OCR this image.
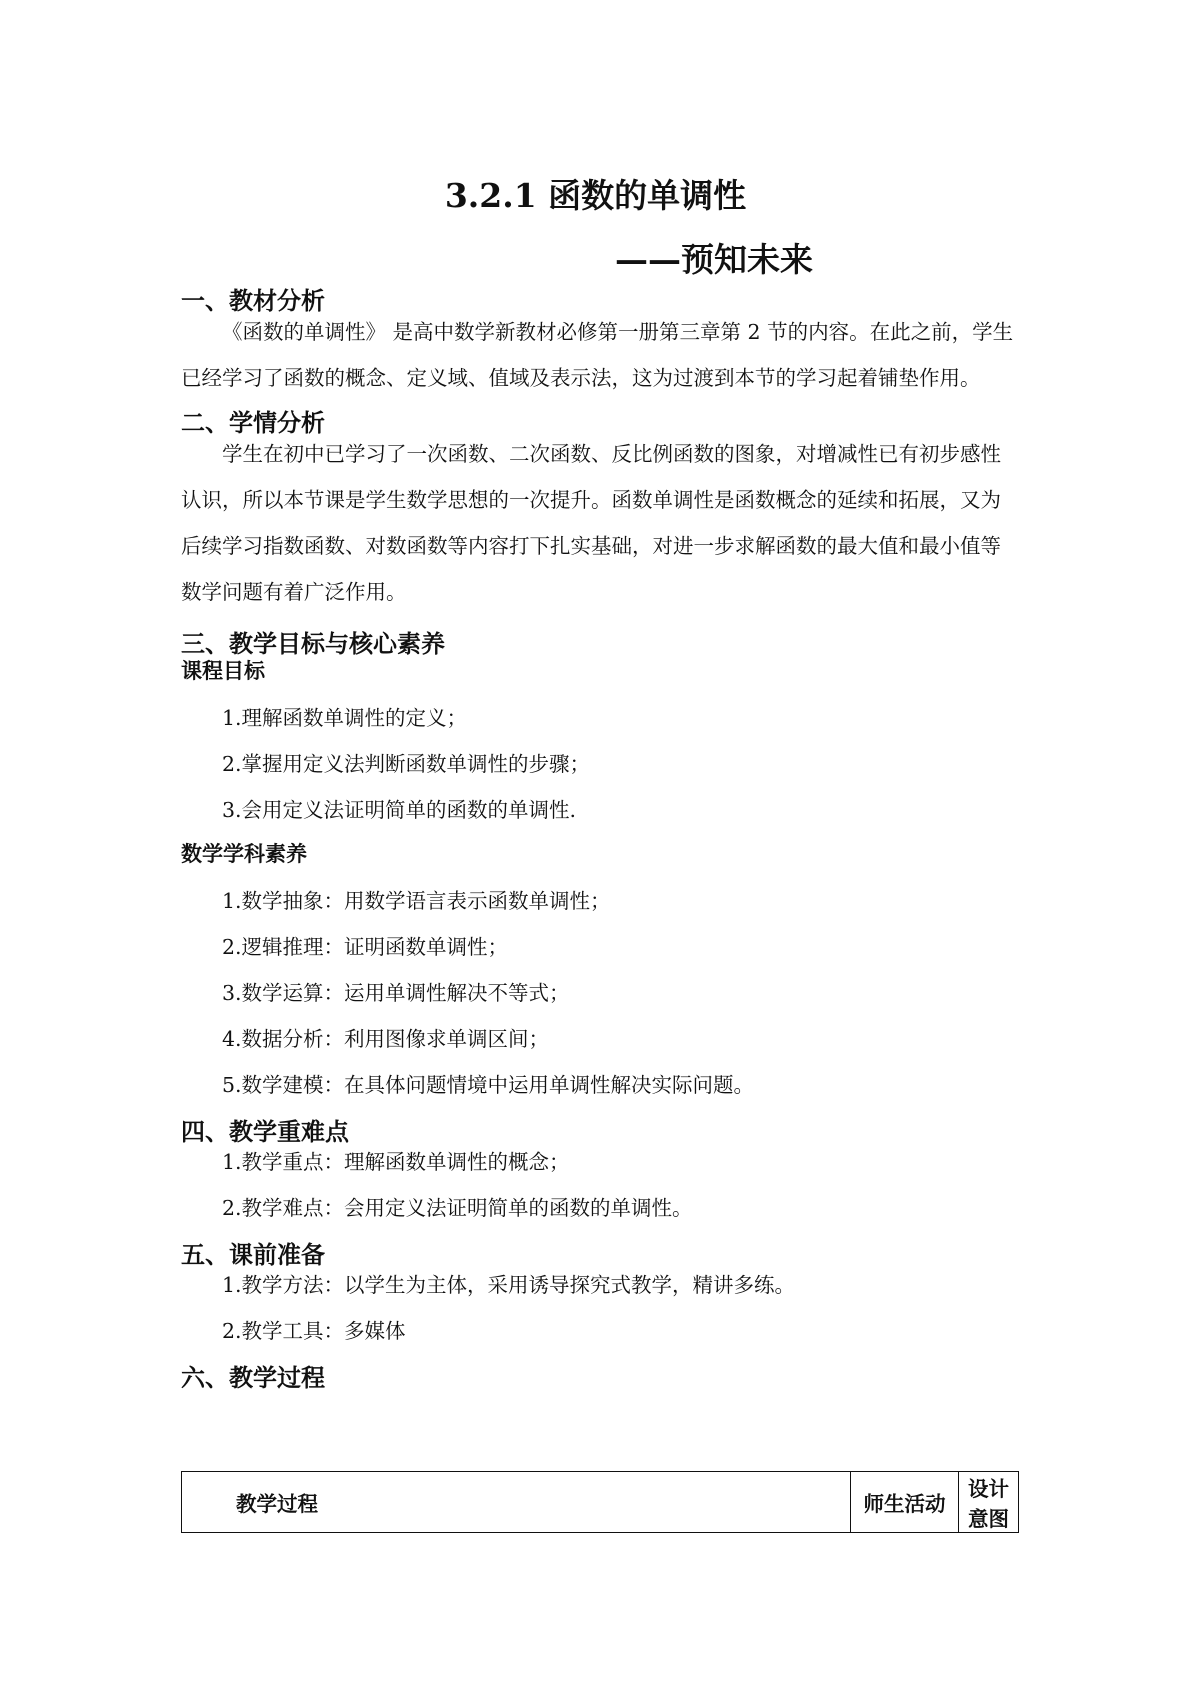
3.2.1 函数的单调性
——预知未来
一、教材分析

《函数的单调性》 是高中数学新教材必修第一册第三章第 2 节的内容。在此之前，学生已经学习了函数的概念、定义域、值域及表示法，这为过渡到本节的学习起着铺垫作用。

二、学情分析

学生在初中已学习了一次函数、二次函数、反比例函数的图象，对增减性已有初步感性认识，所以本节课是学生数学思想的一次提升。函数单调性是函数概念的延续和拓展，又为后续学习指数函数、对数函数等内容打下扎实基础，对进一步求解函数的最大值和最小值等数学问题有着广泛作用。

三、教学目标与核心素养
课程目标

1.理解函数单调性的定义；

2.掌握用定义法判断函数单调性的步骤；

3.会用定义法证明简单的函数的单调性.

数学学科素养

1.数学抽象：用数学语言表示函数单调性；

2.逻辑推理：证明函数单调性；

3.数学运算：运用单调性解决不等式；

4.数据分析：利用图像求单调区间；

5.数学建模：在具体问题情境中运用单调性解决实际问题。

四、教学重难点

1.教学重点：理解函数单调性的概念；

2.教学难点：会用定义法证明简单的函数的单调性。

五、课前准备

1.教学方法：以学生为主体，采用诱导探究式教学，精讲多练。

2.教学工具：多媒体

六、教学过程
教学过程	师生活动	设计意图
